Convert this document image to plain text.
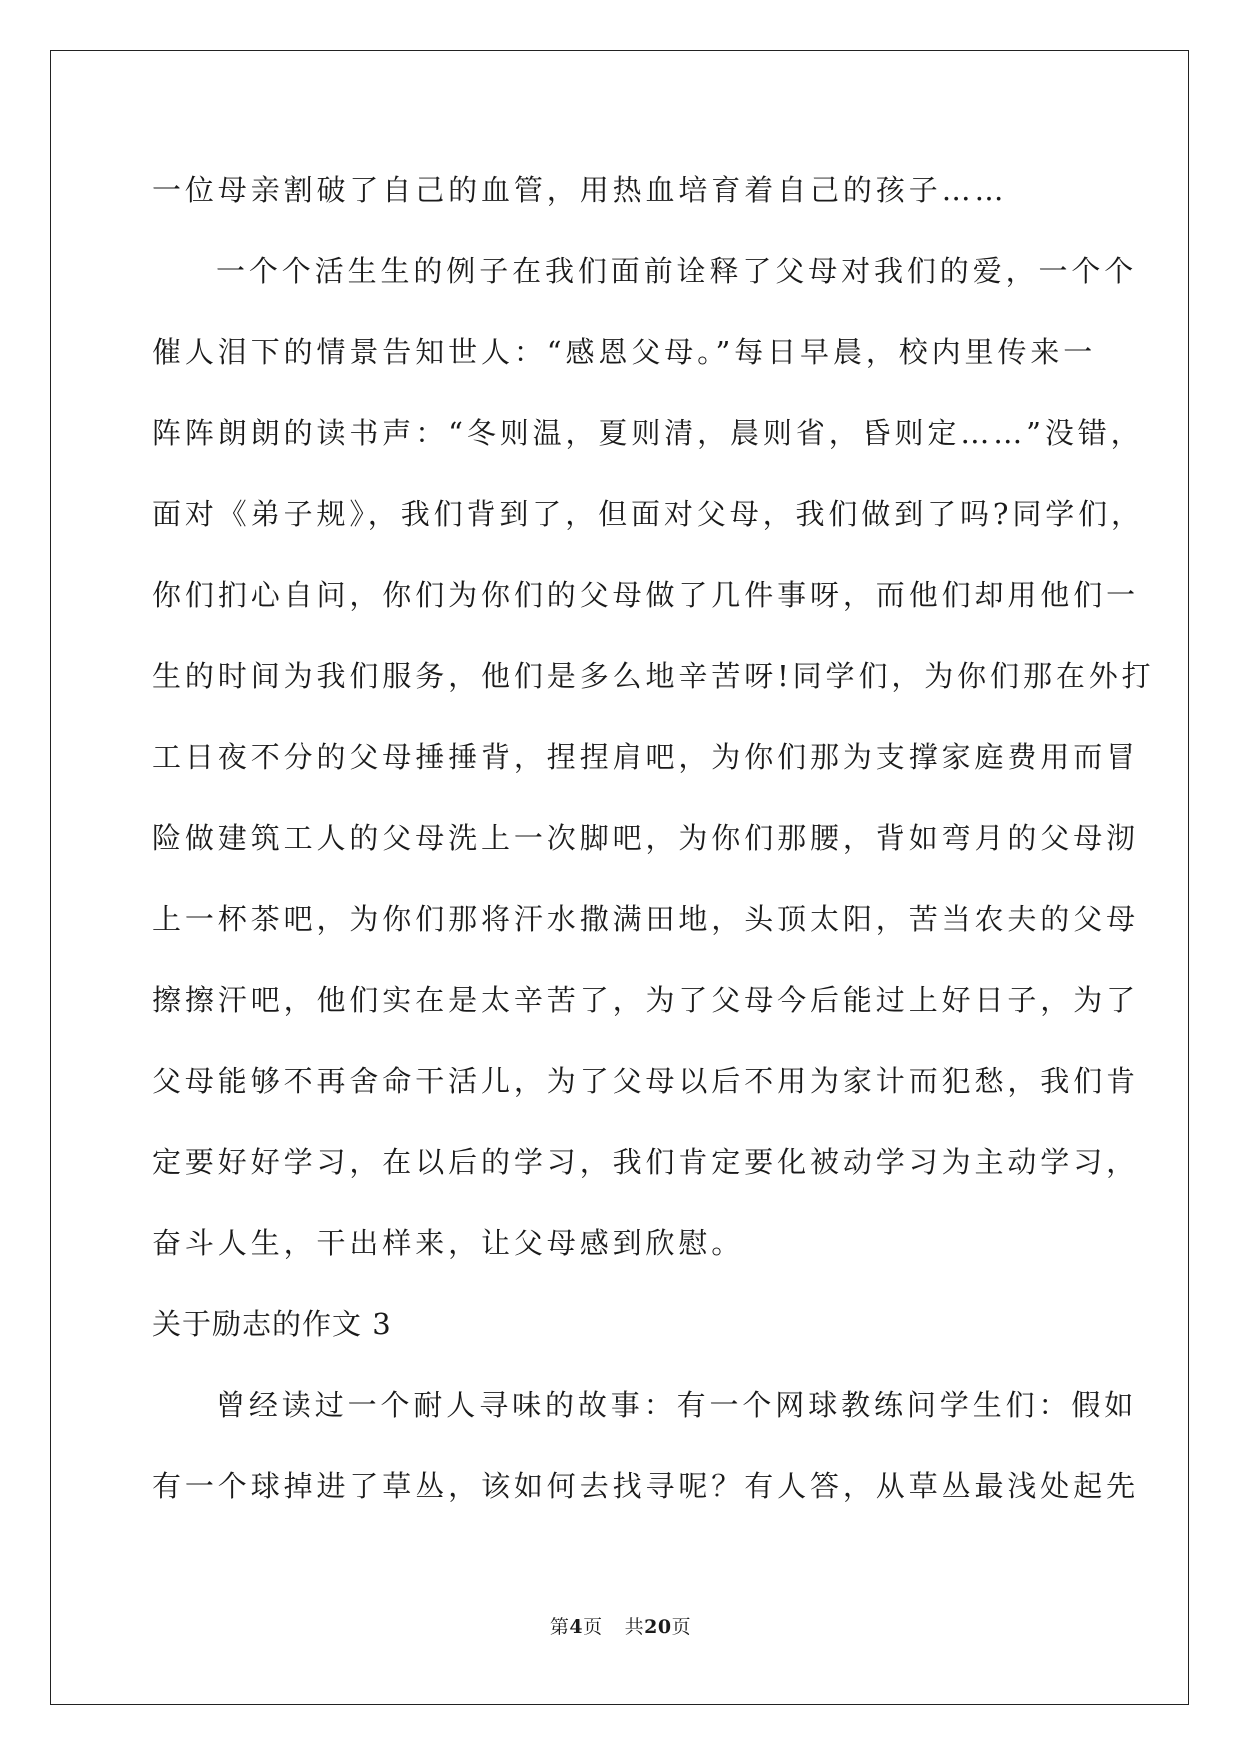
一位母亲割破了自己的血管，用热血培育着自己的孩子……
一个个活生生的例子在我们面前诠释了父母对我们的爱，一个个
催人泪下的情景告知世人：“感恩父母。”每日早晨，校内里传来一
阵阵朗朗的读书声：“冬则温，夏则清，晨则省，昏则定……”没错，
面对《弟子规》，我们背到了，但面对父母，我们做到了吗?同学们，
你们扪心自问，你们为你们的父母做了几件事呀，而他们却用他们一
生的时间为我们服务，他们是多么地辛苦呀!同学们，为你们那在外打
工日夜不分的父母捶捶背，捏捏肩吧，为你们那为支撑家庭费用而冒
险做建筑工人的父母洗上一次脚吧，为你们那腰，背如弯月的父母沏
上一杯茶吧，为你们那将汗水撒满田地，头顶太阳，苦当农夫的父母
擦擦汗吧，他们实在是太辛苦了，为了父母今后能过上好日子，为了
父母能够不再舍命干活儿，为了父母以后不用为家计而犯愁，我们肯
定要好好学习，在以后的学习，我们肯定要化被动学习为主动学习，
奋斗人生，干出样来，让父母感到欣慰。
关于励志的作文 3
曾经读过一个耐人寻味的故事：有一个网球教练问学生们：假如
有一个球掉进了草丛，该如何去找寻呢？有人答，从草丛最浅处起先
第4页 共20页
